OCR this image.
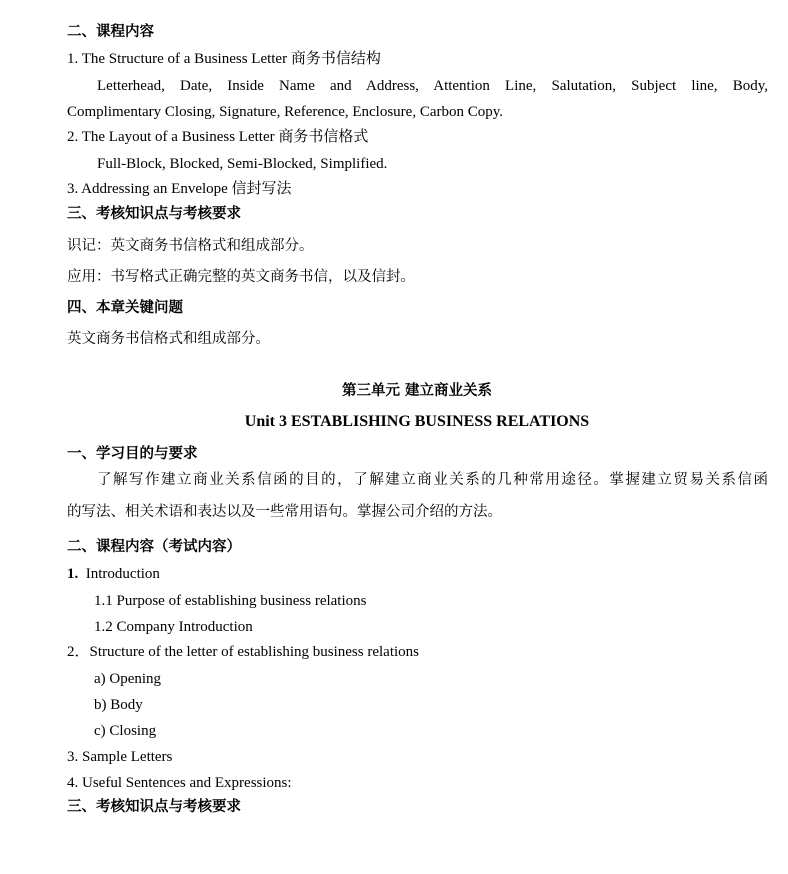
二、课程内容
1. The Structure of a Business Letter 商务书信结构
Letterhead, Date, Inside Name and Address, Attention Line, Salutation, Subject line, Body,
Complimentary Closing, Signature, Reference, Enclosure, Carbon Copy.
2. The Layout of a Business Letter 商务书信格式
Full-Block, Blocked, Semi-Blocked, Simplified.
3. Addressing an Envelope 信封写法
三、考核知识点与考核要求
识记：英文商务书信格式和组成部分。
应用：书写格式正确完整的英文商务书信，以及信封。
四、本章关键问题
英文商务书信格式和组成部分。
第三单元 建立商业关系
Unit 3 ESTABLISHING BUSINESS RELATIONS
一、学习目的与要求
了解写作建立商业关系信函的目的，了解建立商业关系的几种常用途径。掌握建立贸易关系信函
的写法、相关术语和表达以及一些常用语句。掌握公司介绍的方法。
二、课程内容（考试内容）
1. Introduction
1.1 Purpose of establishing business relations
1.2 Company Introduction
2．Structure of the letter of establishing business relations
a) Opening
b) Body
c) Closing
3. Sample Letters
4. Useful Sentences and Expressions:
三、考核知识点与考核要求
